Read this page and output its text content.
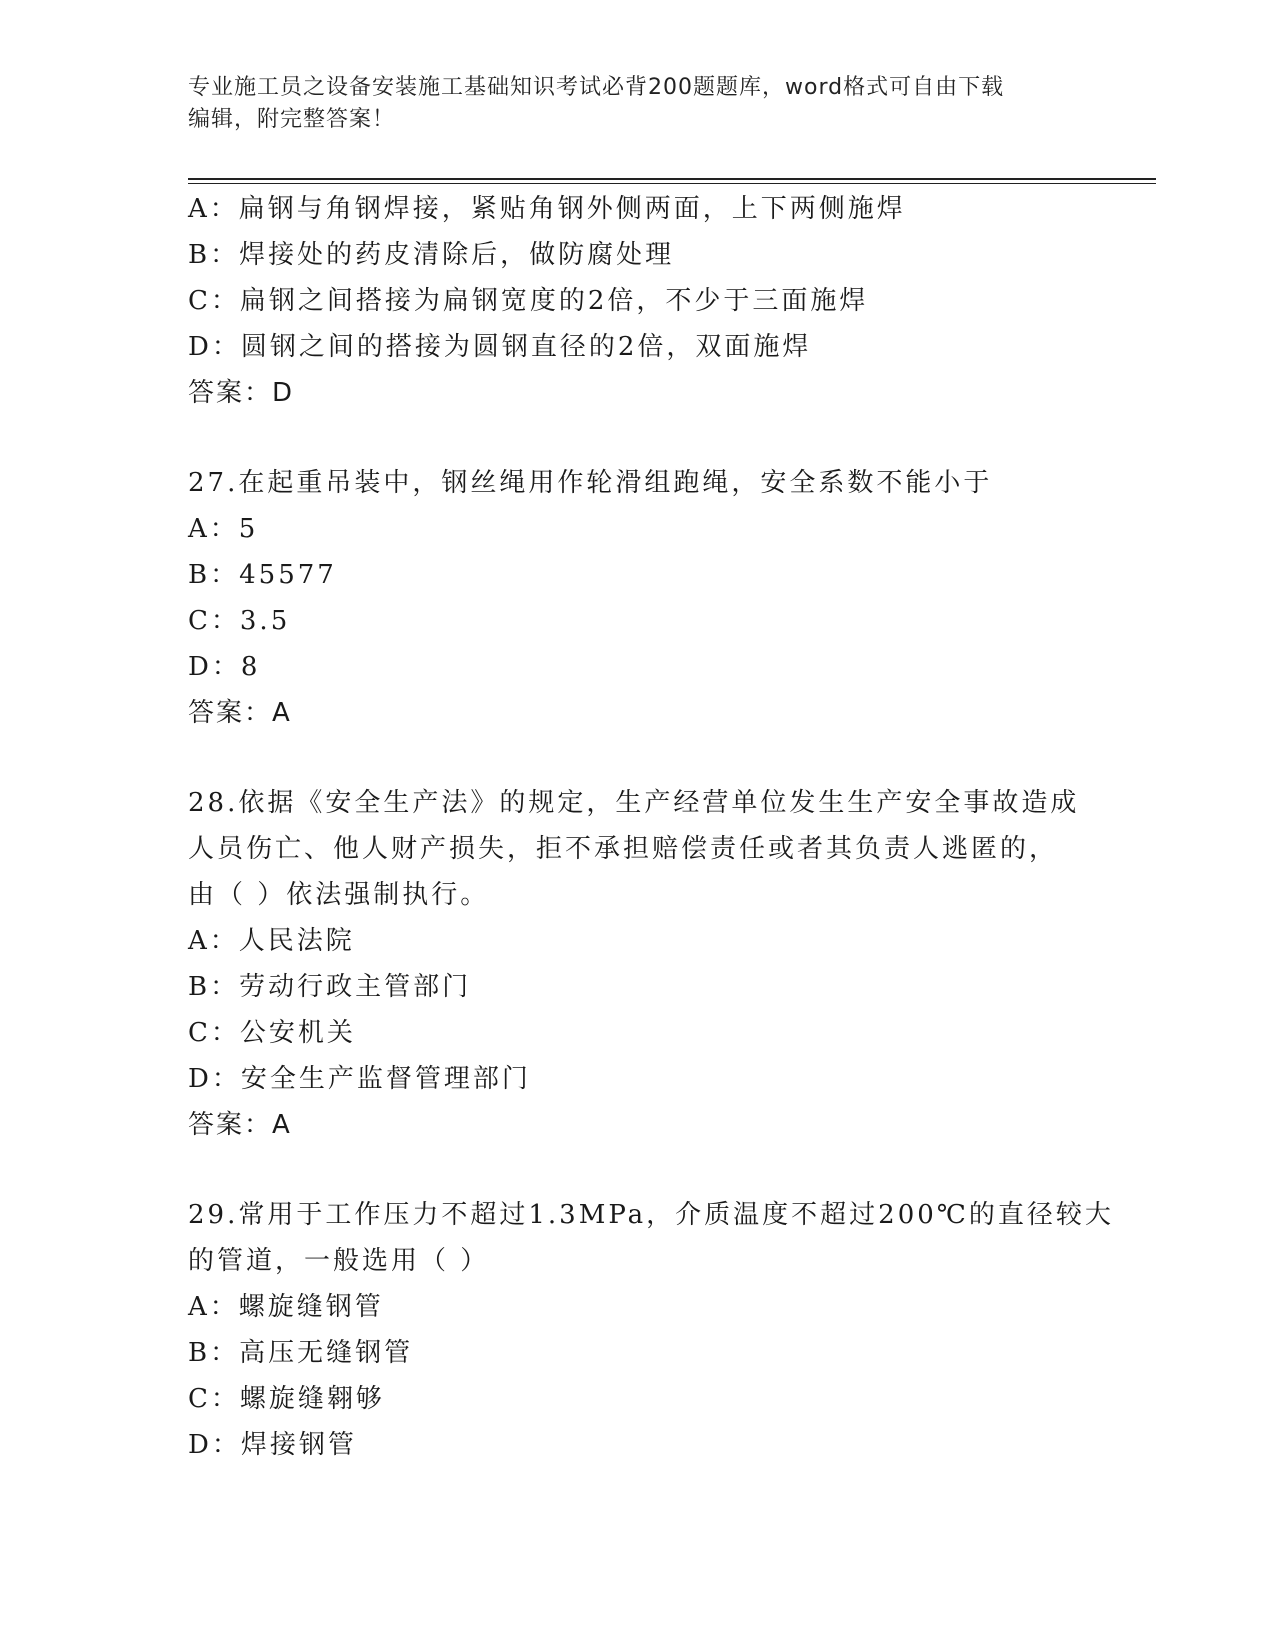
专业施工员之设备安装施工基础知识考试必背200题题库，word格式可自由下载
编辑，附完整答案！
A：扁钢与角钢焊接，紧贴角钢外侧两面，上下两侧施焊
B：焊接处的药皮清除后，做防腐处理
C：扁钢之间搭接为扁钢宽度的2倍，不少于三面施焊
D：圆钢之间的搭接为圆钢直径的2倍，双面施焊
答案：D
27.在起重吊装中，钢丝绳用作轮滑组跑绳，安全系数不能小于
A：5
B：45577
C：3.5
D：8
答案：A
28.依据《安全生产法》的规定，生产经营单位发生生产安全事故造成
人员伤亡、他人财产损失，拒不承担赔偿责任或者其负责人逃匿的，
由（ ）依法强制执行。
A：人民法院
B：劳动行政主管部门
C：公安机关
D：安全生产监督管理部门
答案：A
29.常用于工作压力不超过1.3MPa，介质温度不超过200℃的直径较大
的管道，一般选用（ ）
A：螺旋缝钢管
B：高压无缝钢管
C：螺旋缝翱够
D：焊接钢管
